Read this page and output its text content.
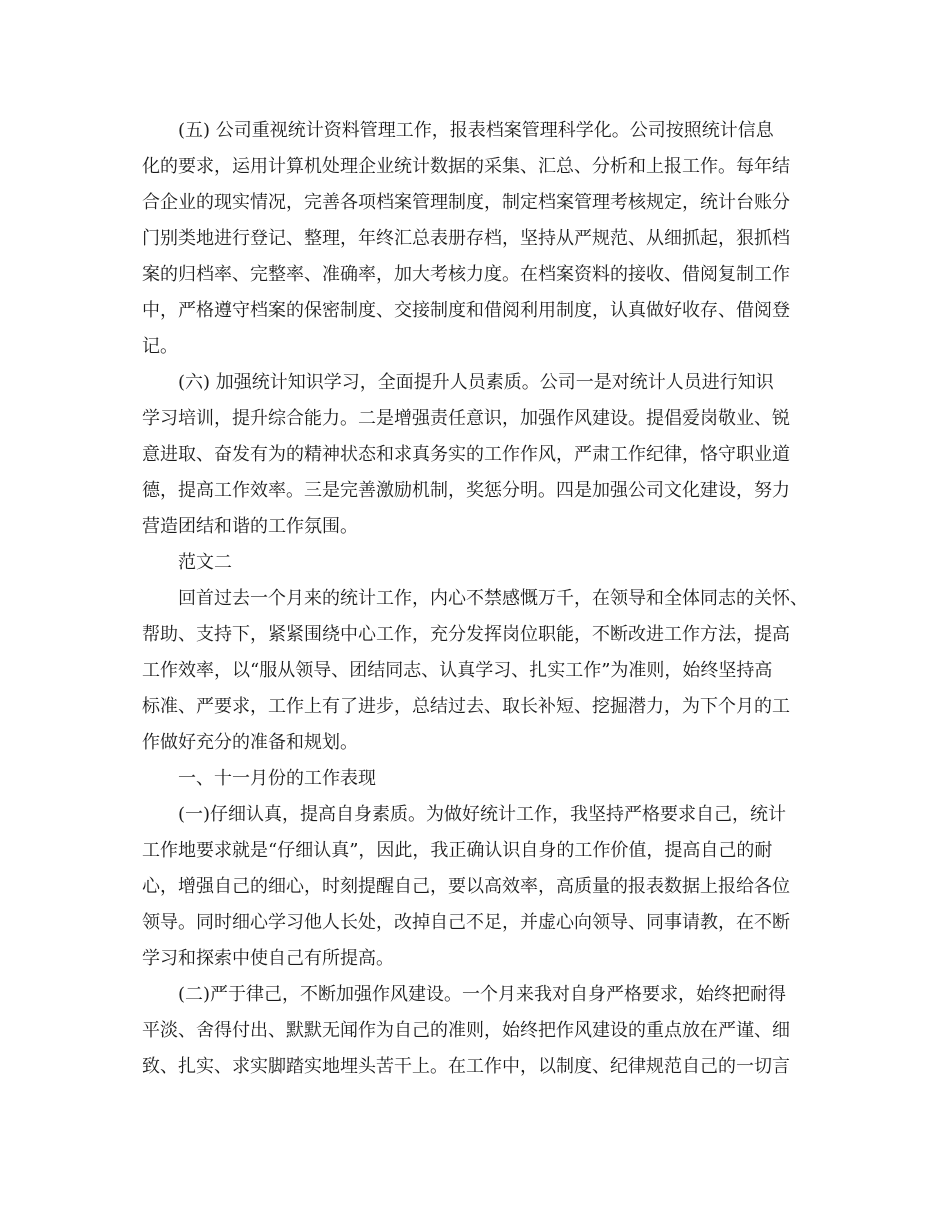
(五) 公司重视统计资料管理工作，报表档案管理科学化。公司按照统计信息
化的要求，运用计算机处理企业统计数据的采集、汇总、分析和上报工作。每年结
合企业的现实情况，完善各项档案管理制度，制定档案管理考核规定，统计台账分
门别类地进行登记、整理，年终汇总表册存档，坚持从严规范、从细抓起，狠抓档
案的归档率、完整率、准确率，加大考核力度。在档案资料的接收、借阅复制工作
中，严格遵守档案的保密制度、交接制度和借阅利用制度，认真做好收存、借阅登
记。
(六) 加强统计知识学习，全面提升人员素质。公司一是对统计人员进行知识
学习培训，提升综合能力。二是增强责任意识，加强作风建设。提倡爱岗敬业、锐
意进取、奋发有为的精神状态和求真务实的工作作风，严肃工作纪律，恪守职业道
德，提高工作效率。三是完善激励机制，奖惩分明。四是加强公司文化建设，努力
营造团结和谐的工作氛围。
范文二
回首过去一个月来的统计工作，内心不禁感慨万千，在领导和全体同志的关怀、
帮助、支持下，紧紧围绕中心工作，充分发挥岗位职能，不断改进工作方法，提高
工作效率，以“服从领导、团结同志、认真学习、扎实工作”为准则，始终坚持高
标准、严要求，工作上有了进步，总结过去、取长补短、挖掘潜力，为下个月的工
作做好充分的准备和规划。
一、十一月份的工作表现
(一)仔细认真，提高自身素质。为做好统计工作，我坚持严格要求自己，统计
工作地要求就是“仔细认真”，因此，我正确认识自身的工作价值，提高自己的耐
心，增强自己的细心，时刻提醒自己，要以高效率，高质量的报表数据上报给各位
领导。同时细心学习他人长处，改掉自己不足，并虚心向领导、同事请教，在不断
学习和探索中使自己有所提高。
(二)严于律己，不断加强作风建设。一个月来我对自身严格要求，始终把耐得
平淡、舍得付出、默默无闻作为自己的准则，始终把作风建设的重点放在严谨、细
致、扎实、求实脚踏实地埋头苦干上。在工作中，以制度、纪律规范自己的一切言
